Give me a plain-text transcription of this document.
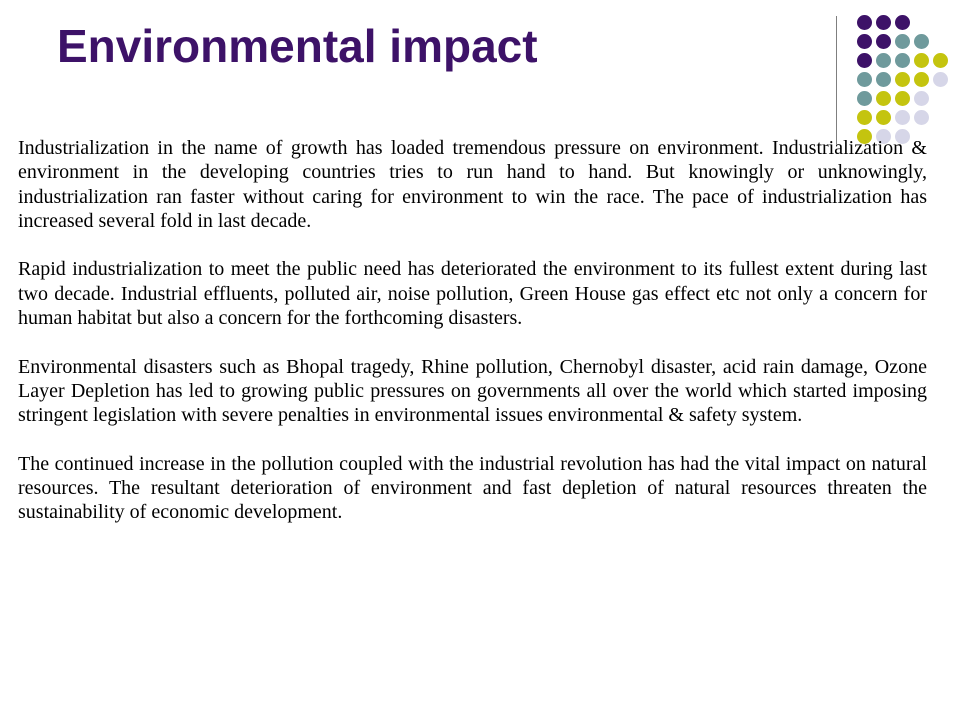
Environmental impact

Industrialization in the name of growth has loaded tremendous pressure on environment. Industrialization & environment in the developing countries tries to run hand to hand. But knowingly or unknowingly, industrialization ran faster without caring for environment to win the race. The pace of industrialization has increased several fold in last decade.

Rapid industrialization to meet the public need has deteriorated the environment to its fullest extent during last two decade. Industrial effluents, polluted air, noise pollution, Green House gas effect etc not only a concern for human habitat but also a concern for the forthcoming disasters.

Environmental disasters such as Bhopal tragedy, Rhine pollution, Chernobyl disaster, acid rain damage, Ozone Layer Depletion has led to growing public pressures on governments all over the world which started imposing stringent legislation with severe penalties in environmental issues environmental & safety system.

The continued increase in the pollution coupled with the industrial revolution has had the vital impact on natural resources. The resultant deterioration of environment and fast depletion of natural resources threaten the sustainability of economic development.
